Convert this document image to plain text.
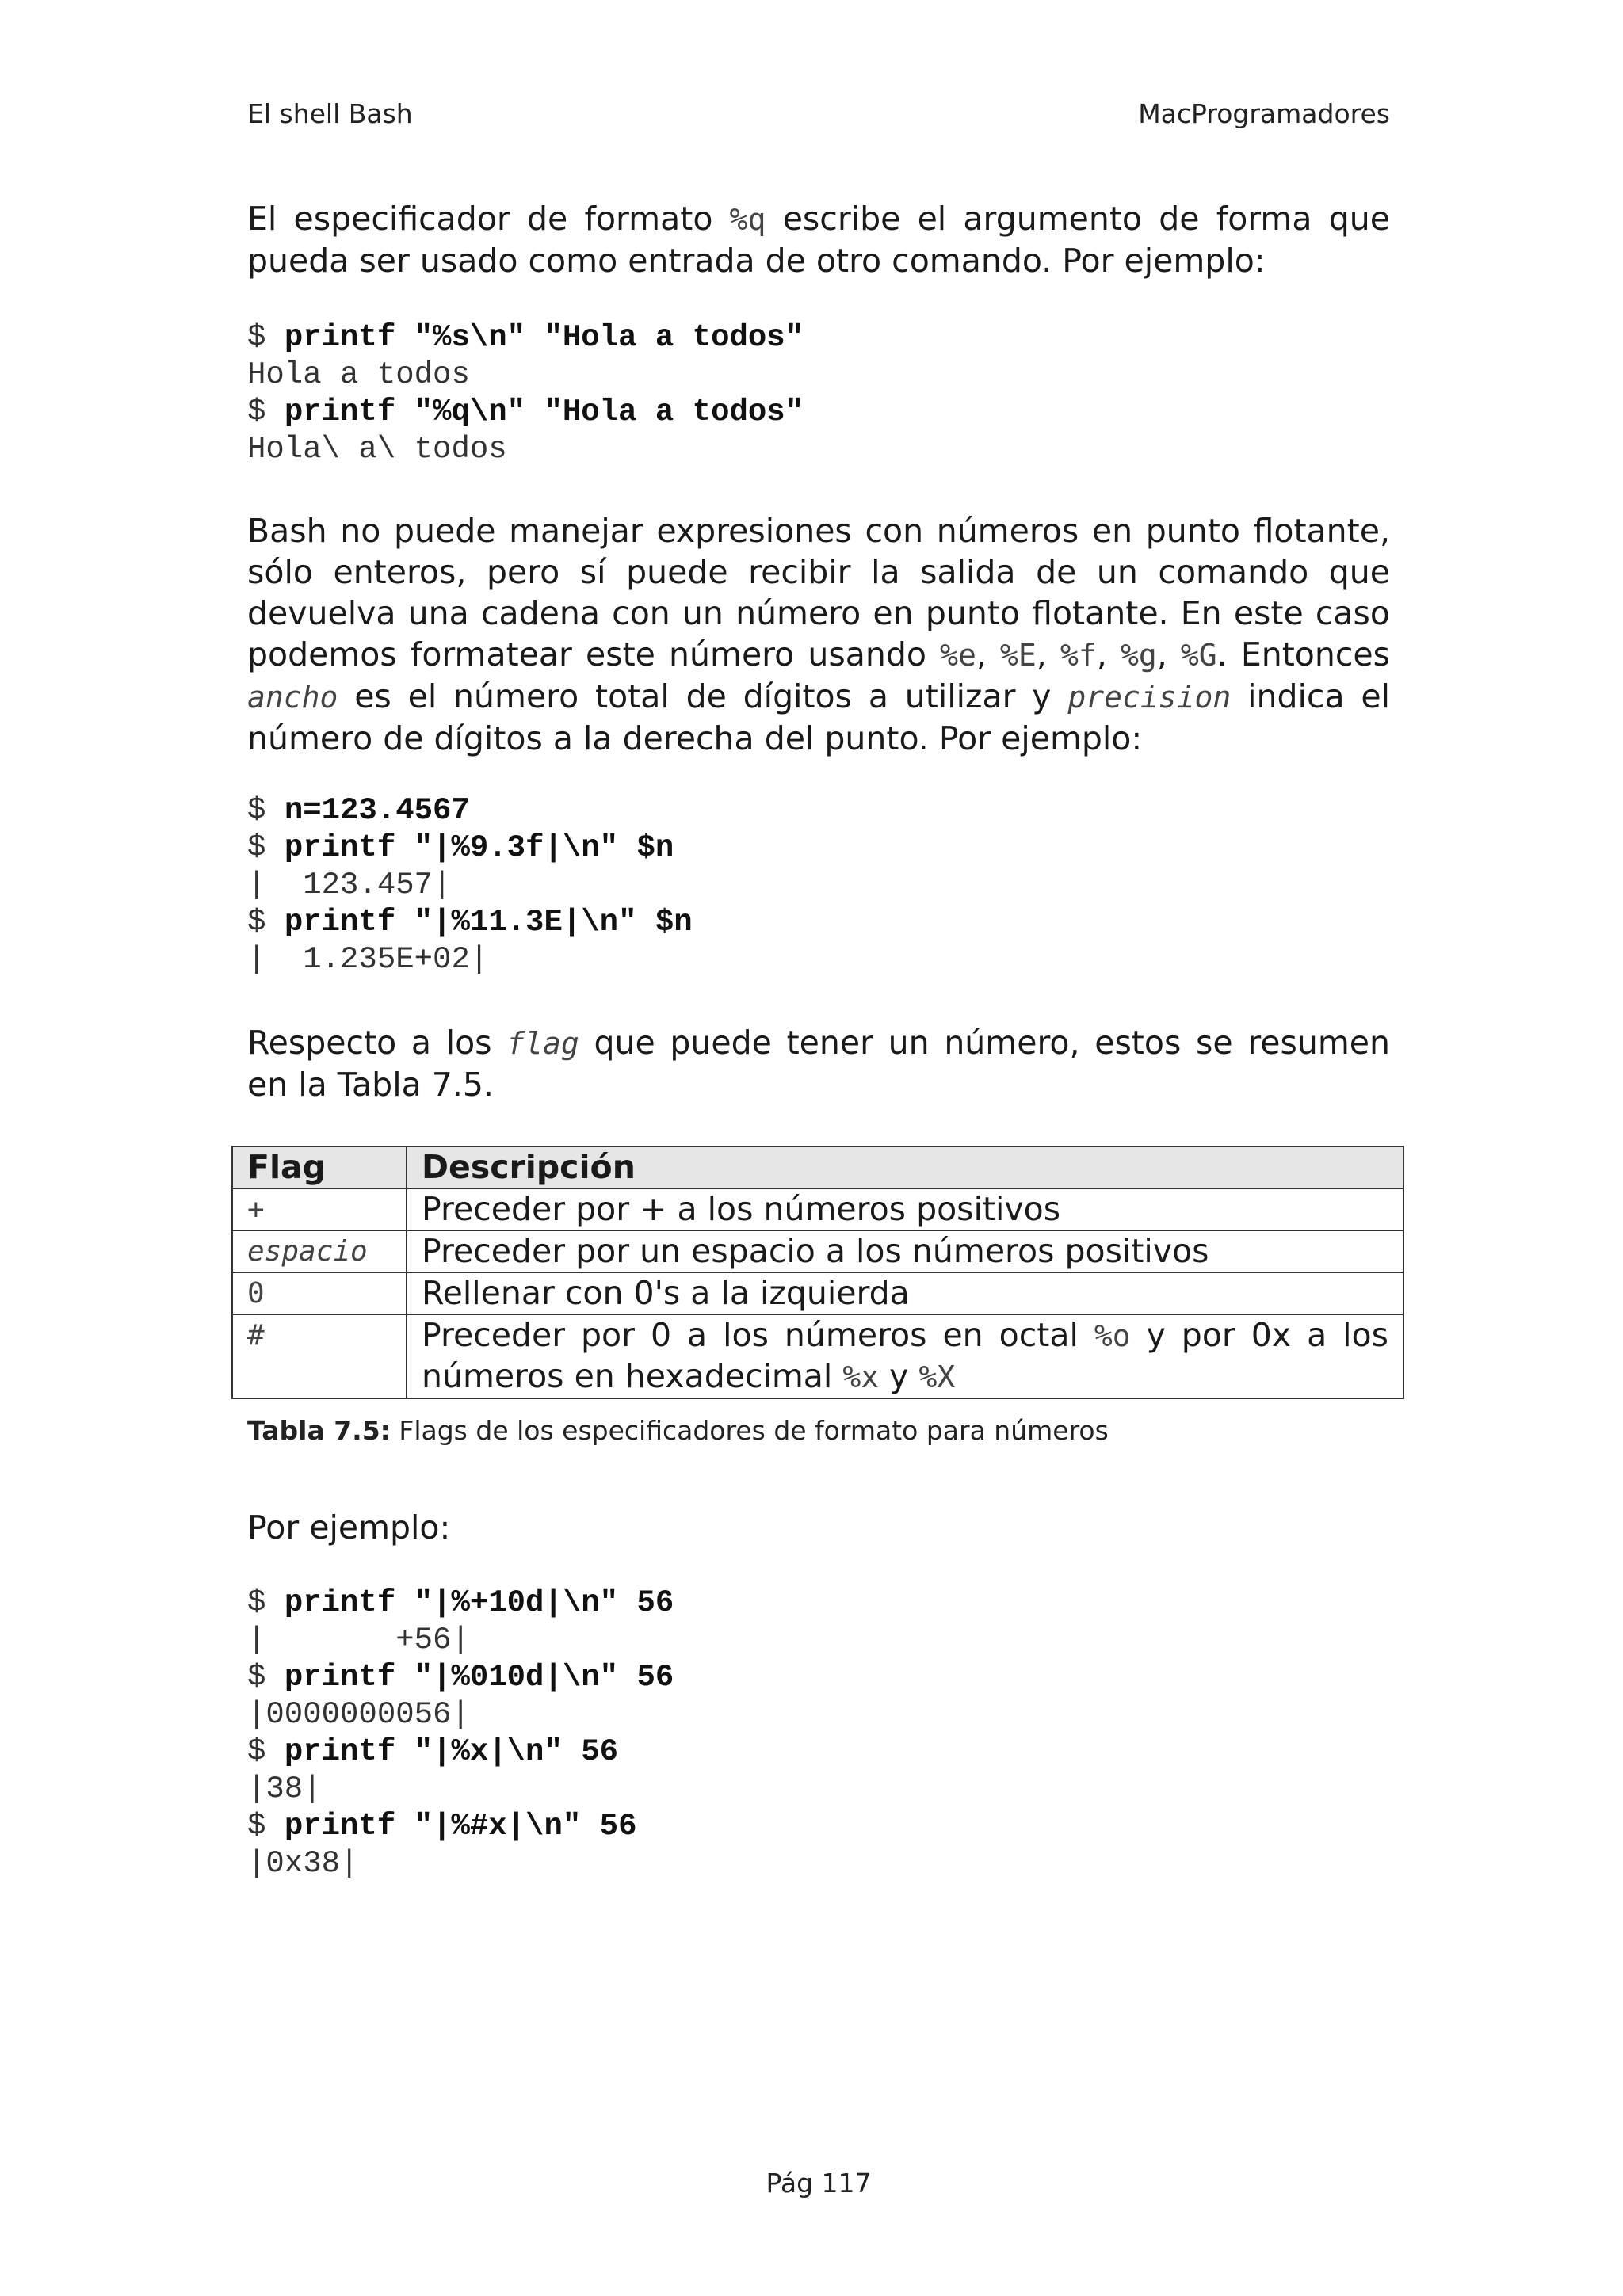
El shell Bash	MacProgramadores
El especificador de formato %q escribe el argumento de forma que pueda ser usado como entrada de otro comando. Por ejemplo:
$ printf "%s\n" "Hola a todos"
Hola a todos
$ printf "%q\n" "Hola a todos"
Hola\ a\ todos
Bash no puede manejar expresiones con números en punto flotante, sólo enteros, pero sí puede recibir la salida de un comando que devuelva una cadena con un número en punto flotante. En este caso podemos formatear este número usando %e, %E, %f, %g, %G. Entonces ancho es el número total de dígitos a utilizar y precision indica el número de dígitos a la derecha del punto. Por ejemplo:
$ n=123.4567
$ printf "|%9.3f|\n" $n
|  123.457|
$ printf "|%11.3E|\n" $n
|  1.235E+02|
Respecto a los flag que puede tener un número, estos se resumen en la Tabla 7.5.
Tabla 7.5: Flags de los especificadores de formato para números
Por ejemplo:
$ printf "|%+10d|\n" 56
|       +56|
$ printf "|%010d|\n" 56
|0000000056|
$ printf "|%x|\n" 56
|38|
$ printf "|%#x|\n" 56
|0x38|
Pág 117
Flag	Descripción
+	Preceder por + a los números positivos
espacio	Preceder por un espacio a los números positivos
0	Rellenar con 0's a la izquierda
#	Preceder por 0 a los números en octal %o y por 0x a los números en hexadecimal %x y %X
